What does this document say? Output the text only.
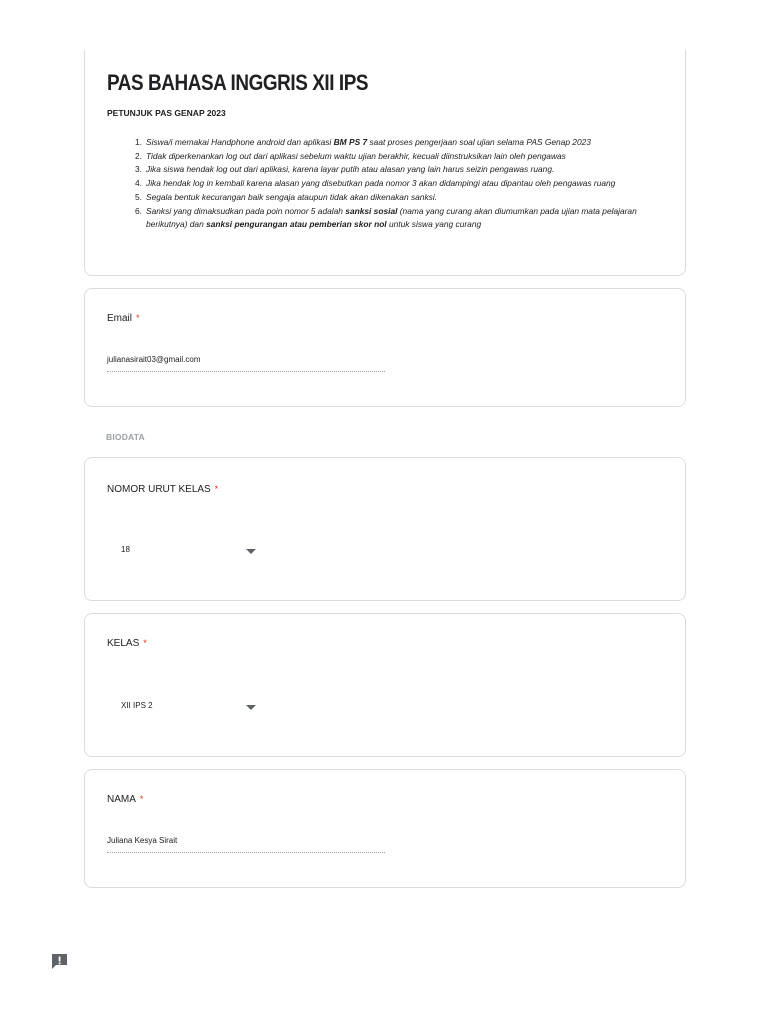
PAS BAHASA INGGRIS XII IPS
PETUNJUK PAS GENAP 2023
1. Siswa/i memakai Handphone android dan aplikasi BM PS 7 saat proses pengerjaan soal ujian selama PAS Genap 2023
2. Tidak diperkenankan log out dari aplikasi sebelum waktu ujian berakhir, kecuali diinstruksikan lain oleh pengawas
3. Jika siswa hendak log out dari aplikasi, karena layar putih atau alasan yang lain harus seizin pengawas ruang.
4. Jika hendak log in kembali karena alasan yang disebutkan pada nomor 3 akan didampingi atau dipantau oleh pengawas ruang
5. Segala bentuk kecurangan baik sengaja ataupun tidak akan dikenakan sanksi.
6. Sanksi yang dimaksudkan pada poin nomor 5 adalah sanksi sosial (nama yang curang akan diumumkan pada ujian mata pelajaran berikutnya) dan sanksi pengurangan atau pemberian skor nol untuk siswa yang curang
Email *
julianasirait03@gmail.com
BIODATA
NOMOR URUT KELAS *
18
KELAS *
XII IPS 2
NAMA *
Juliana Kesya Sirait
